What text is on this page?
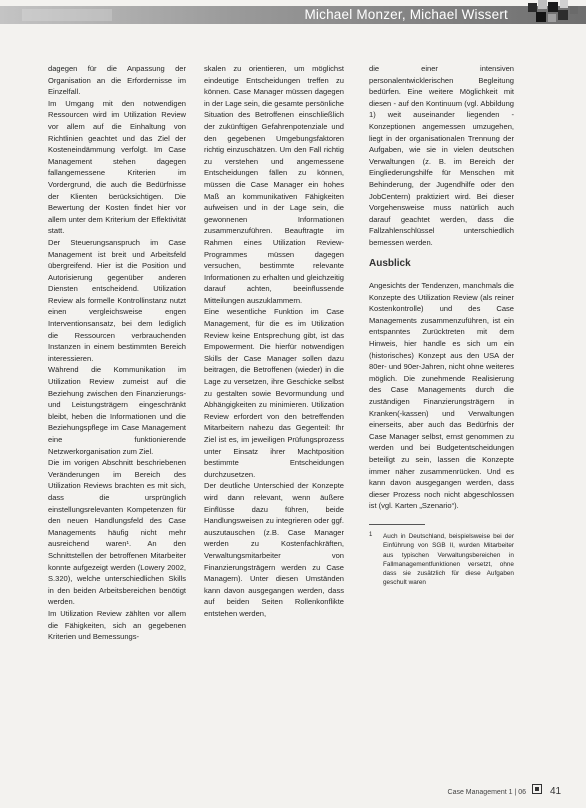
Michael Monzer, Michael Wissert

dagegen für die Anpassung der Organisation an die Erfordernisse im Einzelfall.

Im Umgang mit den notwendigen Ressourcen wird im Utilization Review vor allem auf die Einhaltung von Richtlinien geachtet und das Ziel der Kosteneindämmung verfolgt. Im Case Management stehen dagegen fallangemessene Kriterien im Vordergrund, die auch die Bedürfnisse der Klienten berücksichtigen. Die Bewertung der Kosten findet hier vor allem unter dem Kriterium der Effektivität statt.

Der Steuerungsanspruch im Case Management ist breit und Arbeitsfeld übergreifend. Hier ist die Position und Autorisierung gegenüber anderen Diensten entscheidend. Utilization Review als formelle Kontrollinstanz nutzt einen vergleichsweise engen Interventionsansatz, bei dem lediglich die Ressourcen verbrauchenden Instanzen in einem bestimmten Bereich interessieren.

Während die Kommunikation im Utilization Review zumeist auf die Beziehung zwischen den Finanzierungs- und Leistungsträgern eingeschränkt bleibt, heben die Informationen und die Beziehungspflege im Case Management eine funktionierende Netzwerkorganisation zum Ziel.

Die im vorigen Abschnitt beschriebenen Veränderungen im Bereich des Utilization Reviews brachten es mit sich, dass die ursprünglich einstellungsrelevanten Kompetenzen für den neuen Handlungsfeld des Case Managements häufig nicht mehr ausreichend waren¹. An den Schnittstellen der betroffenen Mitarbeiter konnte aufgezeigt werden (Lowery 2002, S.320), welche unterschiedlichen Skills in den beiden Arbeitsbereichen benötigt werden.

Im Utilization Review zählten vor allem die Fähigkeiten, sich an gegebenen Kriterien und Bemessungs-

skalen zu orientieren, um möglichst eindeutige Entscheidungen treffen zu können. Case Manager müssen dagegen in der Lage sein, die gesamte persönliche Situation des Betroffenen einschließlich der zukünftigen Gefahrenpotenziale und den gegebenen Umgebungsfaktoren richtig einzuschätzen. Um den Fall richtig zu verstehen und angemessene Entscheidungen fällen zu können, müssen die Case Manager ein hohes Maß an kommunikativen Fähigkeiten aufweisen und in der Lage sein, die gewonnenen Informationen zusammenzuführen. Beauftragte im Rahmen eines Utilization Review-Programmes müssen dagegen versuchen, bestimmte relevante Informationen zu erhalten und gleichzeitig darauf achten, beeinflussende Mitteilungen auszuklammern.

Eine wesentliche Funktion im Case Management, für die es im Utilization Review keine Entsprechung gibt, ist das Empowerment. Die hierfür notwendigen Skills der Case Manager sollen dazu beitragen, die Betroffenen (wieder) in die Lage zu versetzen, ihre Geschicke selbst zu gestalten sowie Bevormundung und Abhängigkeiten zu minimieren. Utilization Review erfordert von den betreffenden Mitarbeitern nahezu das Gegenteil: Ihr Ziel ist es, im jeweiligen Prüfungsprozess unter Einsatz ihrer Machtposition bestimmte Entscheidungen durchzusetzen.

Der deutliche Unterschied der Konzepte wird dann relevant, wenn äußere Einflüsse dazu führen, beide Handlungsweisen zu integrieren oder ggf. auszutauschen (z.B. Case Manager werden zu Kostenfachkräften, Verwaltungsmitarbeiter von Finanzierungsträgern werden zu Case Managern). Unter diesen Umständen kann davon ausgegangen werden, dass auf beiden Seiten Rollenkonflikte entstehen werden,

die einer intensiven personalentwicklerischen Begleitung bedürfen. Eine weitere Möglichkeit mit diesen - auf den Kontinuum (vgl. Abbildung 1) weit auseinander liegenden - Konzeptionen angemessen umzugehen, liegt in der organisationalen Trennung der Aufgaben, wie sie in vielen deutschen Verwaltungen (z. B. im Bereich der Eingliederungshilfe für Menschen mit Behinderung, der Jugendhilfe oder den JobCentern) praktiziert wird. Bei dieser Vorgehensweise muss natürlich auch darauf geachtet werden, dass die Fallzahlenschlüssel unterschiedlich bemessen werden.

Ausblick

Angesichts der Tendenzen, manchmals die Konzepte des Utilization Review (als reiner Kostenkontrolle) und des Case Managements zusammenzuführen, ist ein entspanntes Zurücktreten mit dem Hinweis, hier handle es sich um ein (historisches) Konzept aus den USA der 80er- und 90er-Jahren, nicht ohne weiteres möglich. Die zunehmende Realisierung des Case Managements durch die zuständigen Finanzierungsträgern in Kranken(-kassen) und Verwaltungen einerseits, aber auch das Bedürfnis der Case Manager selbst, ernst genommen zu werden und bei Budgetentscheidungen beteiligt zu sein, lassen die Konzepte immer näher zusammenrücken. Und es kann davon ausgegangen werden, dass dieser Prozess noch nicht abgeschlossen ist (vgl. Karten „Szenario“).

1 Auch in Deutschland, beispielsweise bei der Einführung von SGB II, wurden Mitarbeiter aus typischen Verwaltungsbereichen in Fallmanagementfunktionen versetzt, ohne dass sie zusätzlich für diese Aufgaben geschult waren
Case Management 1 | 06 41
